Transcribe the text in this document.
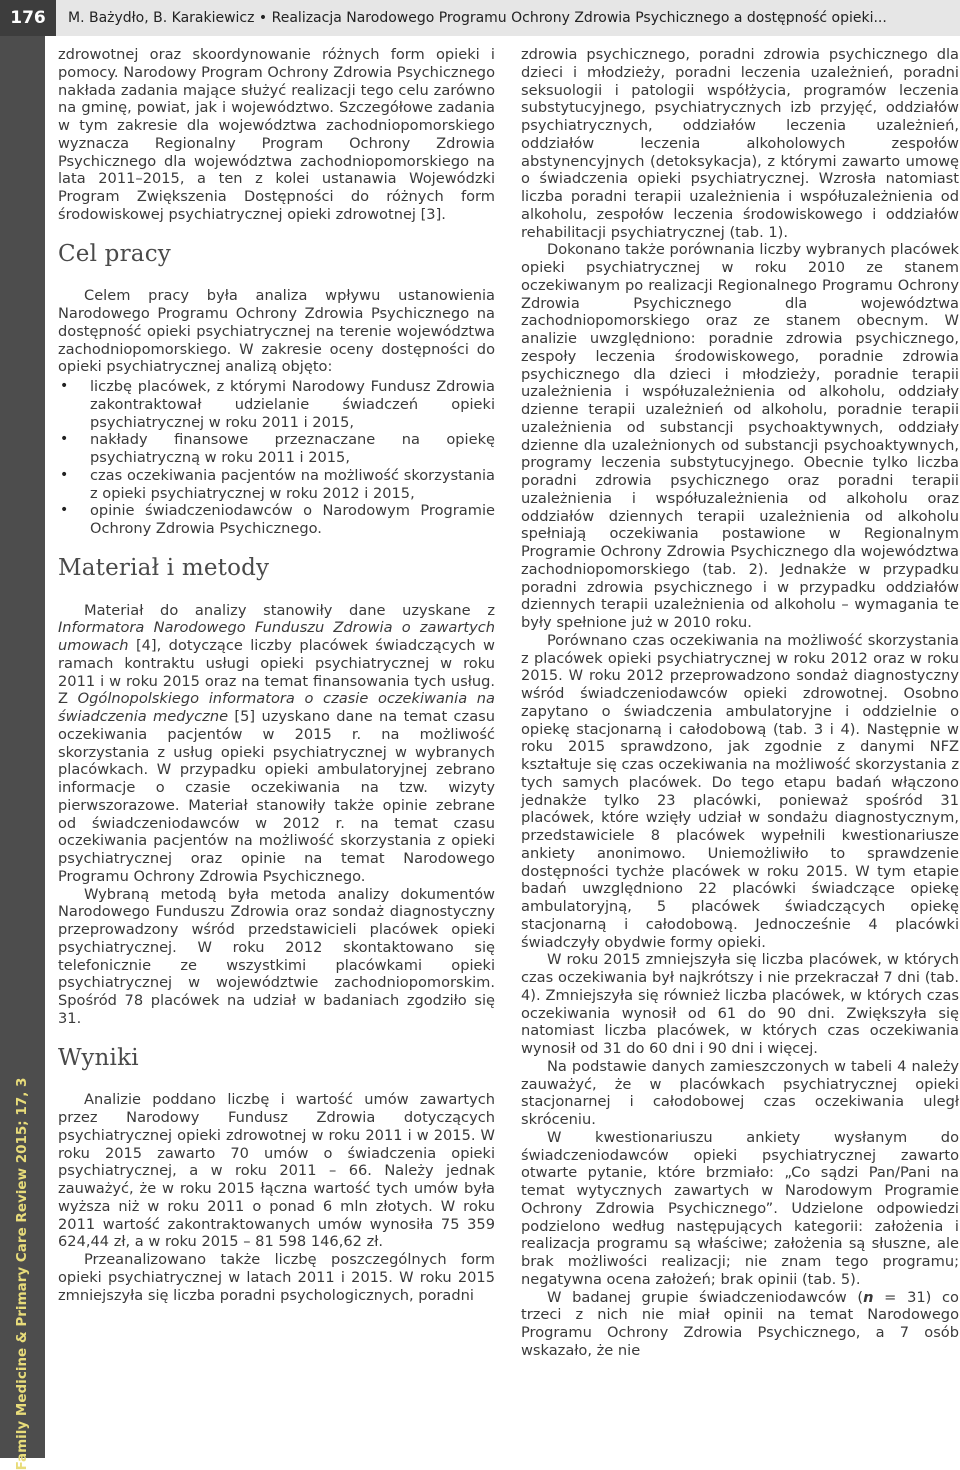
176	M. Bażydło, B. Karakiewicz • Realizacja Narodowego Programu Ochrony Zdrowia Psychicznego a dostępność opieki...
Family Medicine & Primary Care Review 2015; 17, 3

zdrowotnej oraz skoordynowanie różnych form opieki i pomocy. Narodowy Program Ochrony Zdrowia Psychicznego nakłada zadania mające służyć realizacji tego celu zarówno na gminę, powiat, jak i województwo. Szczegółowe zadania w tym zakresie dla województwa zachodniopomorskiego wyznacza Regionalny Program Ochrony Zdrowia Psychicznego dla województwa zachodniopomorskiego na lata 2011–2015, a ten z kolei ustanawia Wojewódzki Program Zwiększenia Dostępności do różnych form środowiskowej psychiatrycznej opieki zdrowotnej [3].

Cel pracy

Celem pracy była analiza wpływu ustanowienia Narodowego Programu Ochrony Zdrowia Psychicznego na dostępność opieki psychiatrycznej na terenie województwa zachodniopomorskiego. W zakresie oceny dostępności do opieki psychiatrycznej analizą objęto:

• liczbę placówek, z którymi Narodowy Fundusz Zdrowia zakontraktował udzielanie świadczeń opieki psychiatrycznej w roku 2011 i 2015,
• nakłady finansowe przeznaczane na opiekę psychiatryczną w roku 2011 i 2015,
• czas oczekiwania pacjentów na możliwość skorzystania z opieki psychiatrycznej w roku 2012 i 2015,
• opinie świadczeniodawców o Narodowym Programie Ochrony Zdrowia Psychicznego.
Materiał i metody

Materiał do analizy stanowiły dane uzyskane z Informatora Narodowego Funduszu Zdrowia o zawartych umowach [4], dotyczące liczby placówek świadczących w ramach kontraktu usługi opieki psychiatrycznej w roku 2011 i w roku 2015 oraz na temat finansowania tych usług. Z Ogólnopolskiego informatora o czasie oczekiwania na świadczenia medyczne [5] uzyskano dane na temat czasu oczekiwania pacjentów w 2015 r. na możliwość skorzystania z usług opieki psychiatrycznej w wybranych placówkach. W przypadku opieki ambulatoryjnej zebrano informacje o czasie oczekiwania na tzw. wizyty pierwszorazowe. Materiał stanowiły także opinie zebrane od świadczeniodawców w 2012 r. na temat czasu oczekiwania pacjentów na możliwość skorzystania z opieki psychiatrycznej oraz opinie na temat Narodowego Programu Ochrony Zdrowia Psychicznego.

Wybraną metodą była metoda analizy dokumentów Narodowego Funduszu Zdrowia oraz sondaż diagnostyczny przeprowadzony wśród przedstawicieli placówek opieki psychiatrycznej. W roku 2012 skontaktowano się telefonicznie ze wszystkimi placówkami opieki psychiatrycznej w województwie zachodniopomorskim. Spośród 78 placówek na udział w badaniach zgodziło się 31.

Wyniki

Analizie poddano liczbę i wartość umów zawartych przez Narodowy Fundusz Zdrowia dotyczących psychiatrycznej opieki zdrowotnej w roku 2011 i w 2015. W roku 2015 zawarto 70 umów o świadczenia opieki psychiatrycznej, a w roku 2011 – 66. Należy jednak zauważyć, że w roku 2015 łączna wartość tych umów była wyższa niż w roku 2011 o ponad 6 mln złotych. W roku 2011 wartość zakontraktowanych umów wynosiła 75 359 624,44 zł, a w roku 2015 – 81 598 146,62 zł.

Przeanalizowano także liczbę poszczególnych form opieki psychiatrycznej w latach 2011 i 2015. W roku 2015 zmniejszyła się liczba poradni psychologicznych, poradni

zdrowia psychicznego, poradni zdrowia psychicznego dla dzieci i młodzieży, poradni leczenia uzależnień, poradni seksuologii i patologii współżycia, programów leczenia substytucyjnego, psychiatrycznych izb przyjęć, oddziałów psychiatrycznych, oddziałów leczenia uzależnień, oddziałów leczenia alkoholowych zespołów abstynencyjnych (detoksykacja), z którymi zawarto umowę o świadczenia opieki psychiatrycznej. Wzrosła natomiast liczba poradni terapii uzależnienia i współuzależnienia od alkoholu, zespołów leczenia środowiskowego i oddziałów rehabilitacji psychiatrycznej (tab. 1).

Dokonano także porównania liczby wybranych placówek opieki psychiatrycznej w roku 2010 ze stanem oczekiwanym po realizacji Regionalnego Programu Ochrony Zdrowia Psychicznego dla województwa zachodniopomorskiego oraz ze stanem obecnym. W analizie uwzględniono: poradnie zdrowia psychicznego, zespoły leczenia środowiskowego, poradnie zdrowia psychicznego dla dzieci i młodzieży, poradnie terapii uzależnienia i współuzależnienia od alkoholu, oddziały dzienne terapii uzależnień od alkoholu, poradnie terapii uzależnienia od substancji psychoaktywnych, oddziały dzienne dla uzależnionych od substancji psychoaktywnych, programy leczenia substytucyjnego. Obecnie tylko liczba poradni zdrowia psychicznego oraz poradni terapii uzależnienia i współuzależnienia od alkoholu oraz oddziałów dziennych terapii uzależnienia od alkoholu spełniają oczekiwania postawione w Regionalnym Programie Ochrony Zdrowia Psychicznego dla województwa zachodniopomorskiego (tab. 2). Jednakże w przypadku poradni zdrowia psychicznego i w przypadku oddziałów dziennych terapii uzależnienia od alkoholu – wymagania te były spełnione już w 2010 roku.

Porównano czas oczekiwania na możliwość skorzystania z placówek opieki psychiatrycznej w roku 2012 oraz w roku 2015. W roku 2012 przeprowadzono sondaż diagnostyczny wśród świadczeniodawców opieki zdrowotnej. Osobno zapytano o świadczenia ambulatoryjne i oddzielnie o opiekę stacjonarną i całodobową (tab. 3 i 4). Następnie w roku 2015 sprawdzono, jak zgodnie z danymi NFZ kształtuje się czas oczekiwania na możliwość skorzystania z tych samych placówek. Do tego etapu badań włączono jednakże tylko 23 placówki, ponieważ spośród 31 placówek, które wzięły udział w sondażu diagnostycznym, przedstawiciele 8 placówek wypełnili kwestionariusze ankiety anonimowo. Uniemożliwiło to sprawdzenie dostępności tychże placówek w roku 2015. W tym etapie badań uwzględniono 22 placówki świadczące opiekę ambulatoryjną, 5 placówek świadczących opiekę stacjonarną i całodobową. Jednocześnie 4 placówki świadczyły obydwie formy opieki.

W roku 2015 zmniejszyła się liczba placówek, w których czas oczekiwania był najkrótszy i nie przekraczał 7 dni (tab. 4). Zmniejszyła się również liczba placówek, w których czas oczekiwania wynosił od 61 do 90 dni. Zwiększyła się natomiast liczba placówek, w których czas oczekiwania wynosił od 31 do 60 dni i 90 dni i więcej.

Na podstawie danych zamieszczonych w tabeli 4 należy zauważyć, że w placówkach psychiatrycznej opieki stacjonarnej i całodobowej czas oczekiwania uległ skróceniu.

W kwestionariuszu ankiety wysłanym do świadczeniodawców opieki psychiatrycznej zawarto otwarte pytanie, które brzmiało: „Co sądzi Pan/Pani na temat wytycznych zawartych w Narodowym Programie Ochrony Zdrowia Psychicznego”. Udzielone odpowiedzi podzielono według następujących kategorii: założenia i realizacja programu są właściwe; założenia są słuszne, ale brak możliwości realizacji; nie znam tego programu; negatywna ocena założeń; brak opinii (tab. 5).

W badanej grupie świadczeniodawców (n = 31) co trzeci z nich nie miał opinii na temat Narodowego Programu Ochrony Zdrowia Psychicznego, a 7 osób wskazało, że nie
